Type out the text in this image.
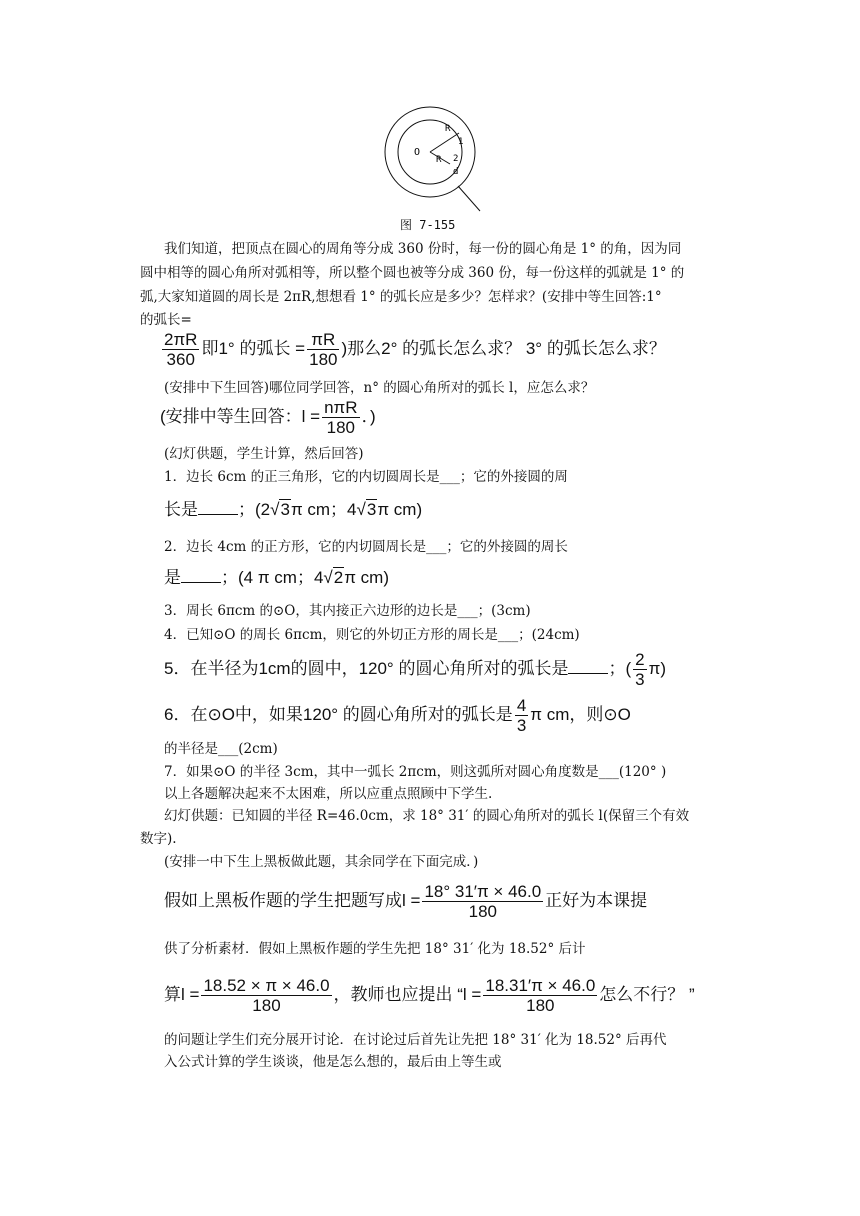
O
R
R
1
2
d
图 7-155
我们知道，把顶点在圆心的周角等分成 360 份时，每一份的圆心角是 1° 的角，因为同
圆中相等的圆心角所对弧相等，所以整个圆也被等分成 360 份，每一份这样的弧就是 1° 的
弧,大家知道圆的周长是 2πR,想想看 1° 的弧长应是多少？怎样求？(安排中等生回答:1°
的弧长=
$\frac{2\pi R}{360}$ 即1° 的弧长 = $\frac{\pi R}{180}$ )那么2° 的弧长怎么求？ 3° 的弧长怎么求？
(安排中下生回答)哪位同学回答，n° 的圆心角所对的弧长 l，应怎么求？
(安排中等生回答：$l = \frac{\text{nπR}}{180}$ ．)
(幻灯供题，学生计算，然后回答)
1．边长 6cm 的正三角形，它的内切圆周长是___；它的外接圆的周
长是 ；(2√3π cm；4√3π cm)
2．边长 4cm 的正方形，它的内切圆周长是___；它的外接圆的周长
是 ；(4 π cm；4√2π cm)
3．周长 6πcm 的⊙O，其内接正六边形的边长是___；(3cm)
4．已知⊙O 的周长 6πcm，则它的外切正方形的周长是___；(24cm)
5．在半径为1cm的圆中，120° 的圆心角所对的弧长是 ；( $\frac{2}{3} \pi$)
6．在⊙O中，如果120° 的圆心角所对的弧长是 $\frac{4}{3}$ π cm，则⊙O
的半径是___(2cm)
7．如果⊙O 的半径 3cm，其中一弧长 2πcm，则这弧所对圆心角度数是___(120° )
以上各题解决起来不太困难，所以应重点照顾中下学生.
幻灯供题：已知圆的半径 R=46.0cm，求 18° 31′ 的圆心角所对的弧长 l(保留三个有效
数字).
(安排一中下生上黑板做此题，其余同学在下面完成．)
假如上黑板作题的学生把题写成$l = \frac{18^\circ 31'\pi \times 46.0}{180}$ 正好为本课提
供了分析素材．假如上黑板作题的学生先把 18° 31′ 化为 18.52° 后计
算$l = \frac{18.52 \times \pi \times 46.0}{180}$ ，教师也应提出 “$l = \frac{18.31'\pi \times 46.0}{180}$ 怎么不行？ ”
的问题让学生们充分展开讨论．在讨论过后首先让先把 18° 31′ 化为 18.52° 后再代
入公式计算的学生谈谈，他是怎么想的，最后由上等生或
